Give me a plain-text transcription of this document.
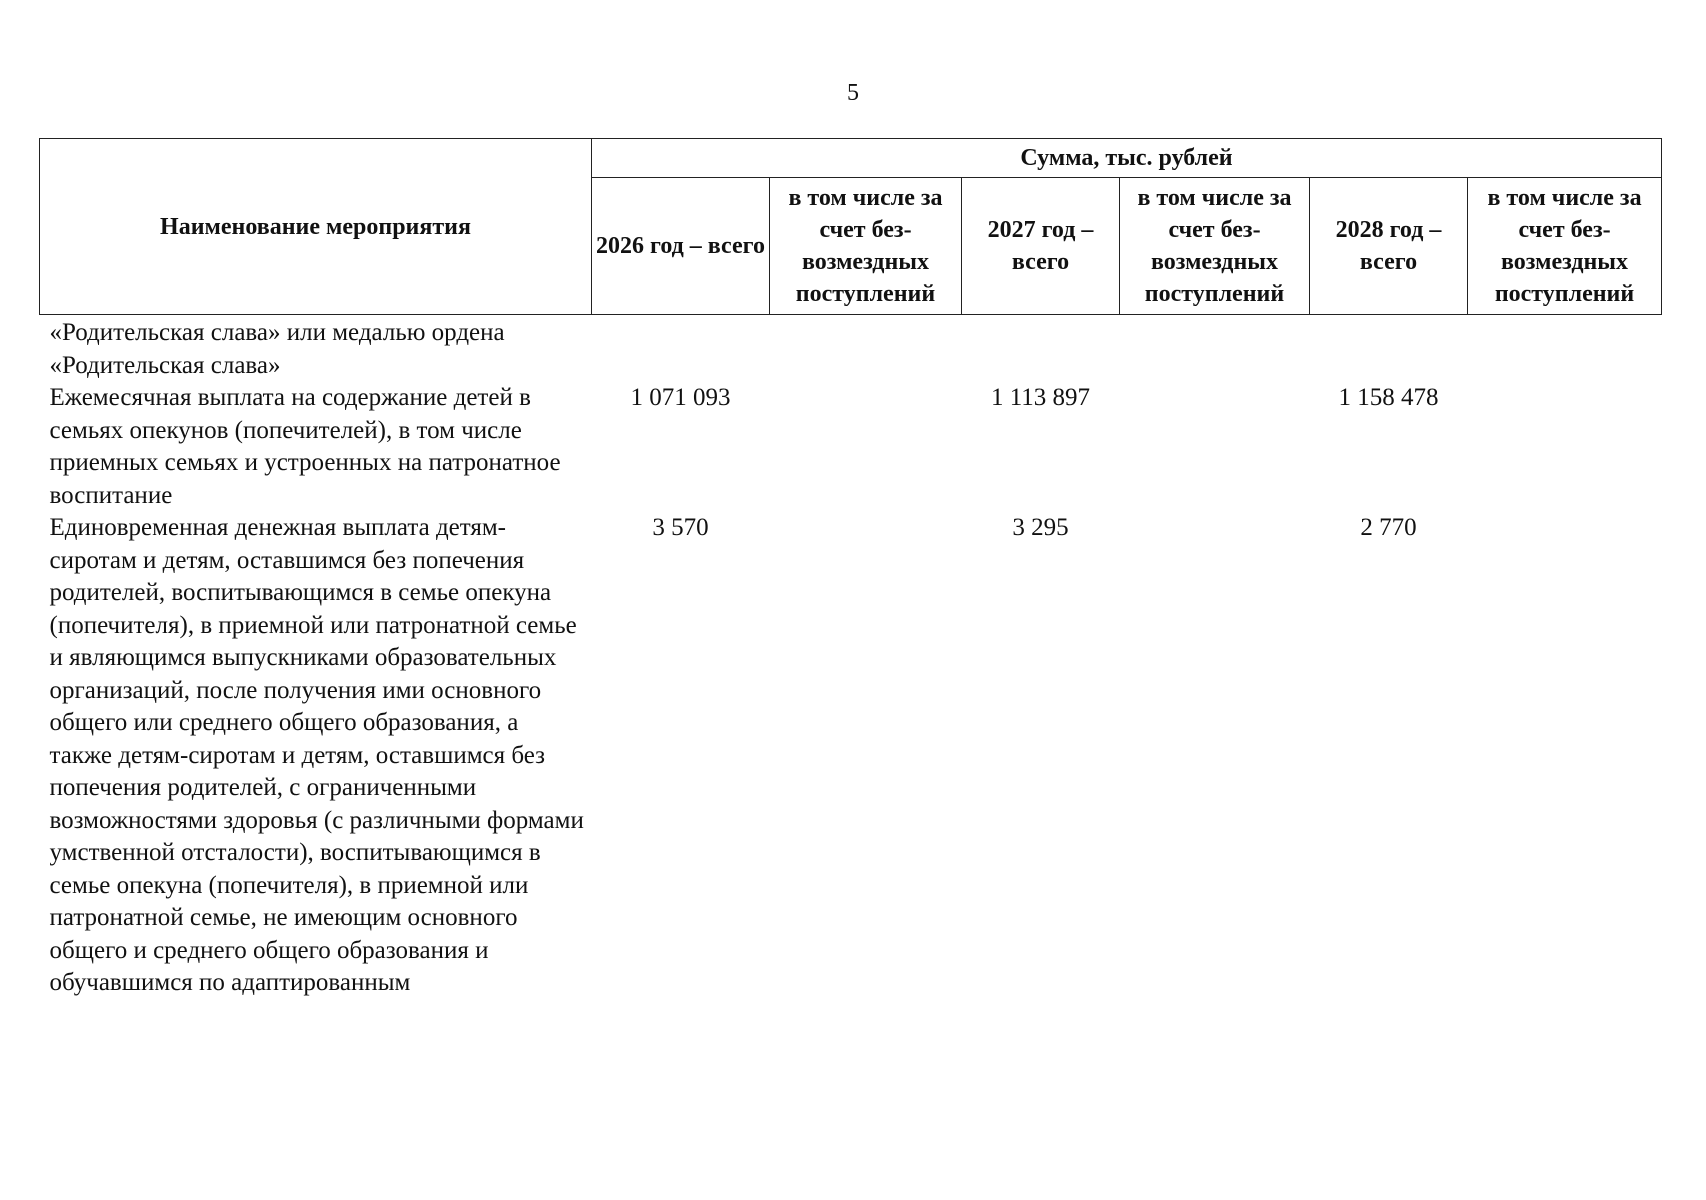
5
Наименование мероприятия	Сумма, тыс. рублей					
	2026 год – всего	в том числе за счет без-возмездных поступлений	2027 год – всего	в том числе за счет без-возмездных поступлений	2028 год – всего	в том числе за счет без-возмездных поступлений
«Родительская слава» или медалью ордена «Родительская слава»						
Ежемесячная выплата на содержание детей в семьях опекунов (попечителей), в том числе приемных семьях и устроенных на патронатное воспитание	1 071 093		1 113 897		1 158 478	
Единовременная денежная выплата детям-сиротам и детям, оставшимся без попечения родителей, воспитывающимся в семье опекуна (попечителя), в приемной или патронатной семье и являющимся выпускниками образовательных организаций, после получения ими основного общего или среднего общего образования, а также детям-сиротам и детям, оставшимся без попечения родителей, с ограниченными возможностями здоровья (с различными формами умственной отсталости), воспитывающимся в семье опекуна (попечителя), в приемной или патронатной семье, не имеющим основного общего и среднего общего образования и обучавшимся по адаптированным	3 570		3 295		2 770	
